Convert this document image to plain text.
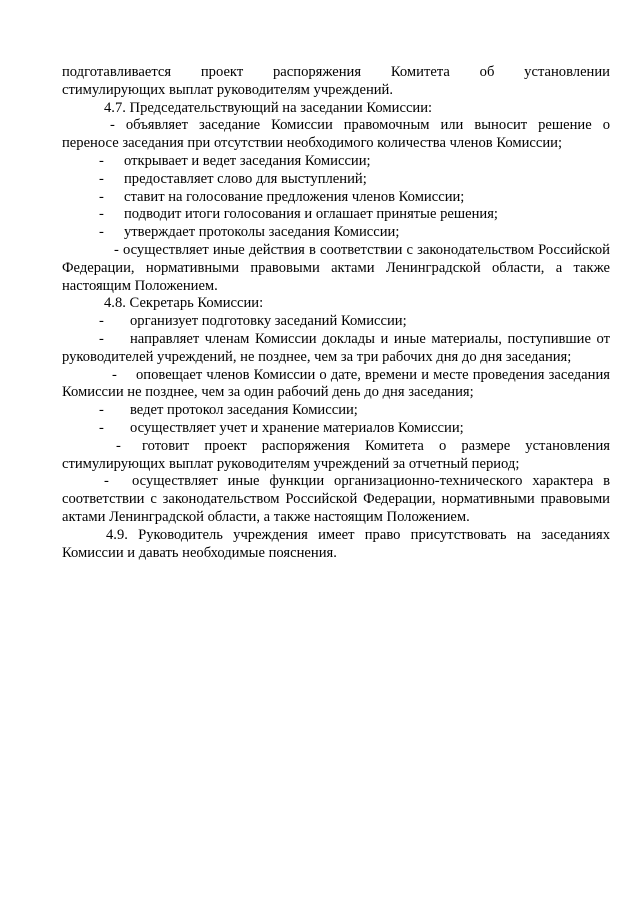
подготавливается проект распоряжения Комитета об установлении

стимулирующих выплат руководителям учреждений.

4.7. Председательствующий на заседании Комиссии:

- объявляет заседание Комиссии правомочным или выносит решение о переносе заседания при отсутствии необходимого количества членов Комиссии;

- открывает и ведет заседания Комиссии;

- предоставляет слово для выступлений;

- ставит на голосование предложения членов Комиссии;

- подводит итоги голосования и оглашает принятые решения;

- утверждает протоколы заседания Комиссии;

- осуществляет иные действия в соответствии с законодательством Российской Федерации, нормативными правовыми актами Ленинградской области, а также настоящим Положением.

4.8. Секретарь Комиссии:

- организует подготовку заседаний Комиссии;

- направляет членам Комиссии доклады и иные материалы, поступившие от руководителей учреждений, не позднее, чем за три рабочих дня до дня заседания;

- оповещает членов Комиссии о дате, времени и месте проведения заседания Комиссии не позднее, чем за один рабочий день до дня заседания;

- ведет протокол заседания Комиссии;

- осуществляет учет и хранение материалов Комиссии;

- готовит проект распоряжения Комитета о размере установления стимулирующих выплат руководителям учреждений за отчетный период;

- осуществляет иные функции организационно-технического характера в соответствии с законодательством Российской Федерации, нормативными правовыми актами Ленинградской области, а также настоящим Положением.

4.9. Руководитель учреждения имеет право присутствовать на заседаниях Комиссии и давать необходимые пояснения.
